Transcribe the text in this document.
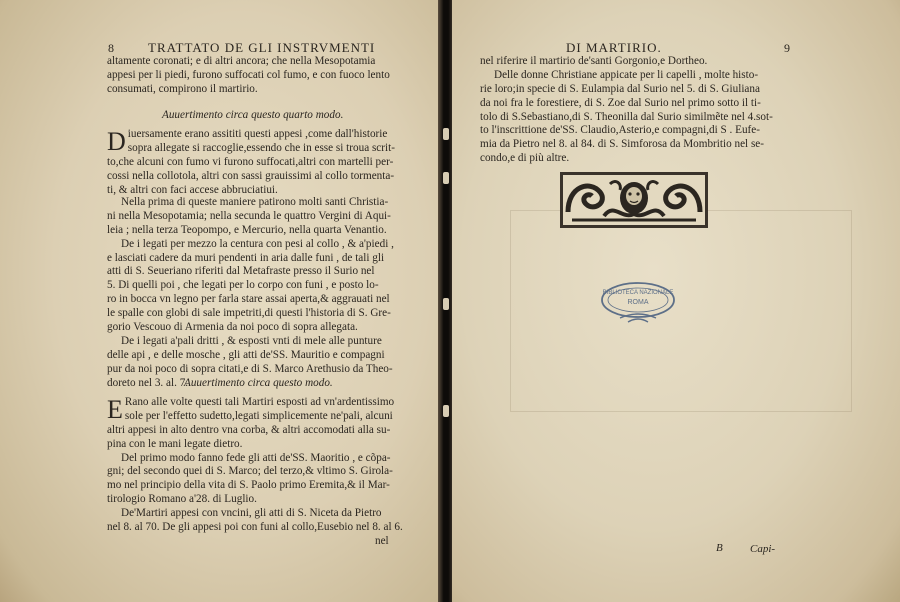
8	TRATTATO DE GLI INSTRVMENTI
altamente coronati; e di altri ancora; che nella Mesopotamia
appesi per li piedi, furono suffocati col fumo, e con fuoco lento
consumati, compirono il martirio.
Auuertimento circa questo quarto modo.
D iuersamente erano assititi questi appesi ,come dall'historie
sopra allegate si raccoglie,essendo che in esse si troua scrit-
to,che alcuni con fumo vi furono suffocati,altri con martelli per-
cossi nella collotola, altri con sassi grauissimi al collo tormenta-
ti, & altri con faci accese abbruciatiui.
Nella prima di queste maniere patirono molti santi Christia-
ni nella Mesopotamia; nella secunda le quattro Vergini di Aqui-
leia ; nella terza Teopompo, e Mercurio, nella quarta Venantio.
De i legati per mezzo la centura con pesi al collo , & a'piedi ,
e lasciati cadere da muri pendenti in aria dalle funi , de tali gli
atti di S. Seueriano riferiti dal Metafraste presso il Surio nel
5. Di quelli poi , che legati per lo corpo con funi , e posto lo-
ro in bocca vn legno per farla stare assai aperta,& aggrauati nel
le spalle con globi di sale impetriti,di questi l'historia di S. Gre-
gorio Vescouo di Armenia da noi poco di sopra allegata.
De i legati a'pali dritti , & esposti vnti di mele alle punture
delle api , e delle mosche , gli atti de'SS. Mauritio e compagni
pur da noi poco di sopra citati,e di S. Marco Arethusio da Theo-
doreto nel 3. al. 7.
Auuertimento circa questo modo.
E Rano alle volte questi tali Martiri esposti ad vn'ardentissimo
sole per l'effetto sudetto,legati simplicemente ne'pali, alcuni
altri appesi in alto dentro vna corba, & altri accomodati alla su-
pina con le mani legate dietro.
Del primo modo fanno fede gli atti de'SS. Maoritio , e cõpa-
gni; del secondo quei di S. Marco; del terzo,& vltimo S. Girola-
mo nel principio della vita di S. Paolo primo Eremita,& il Mar-
tirologio Romano a'28. di Luglio.
De'Martiri appesi con vncini, gli atti di S. Niceta da Pietro
nel 8. al 70. De gli appesi poi con funi al collo,Eusebio nel 8. al 6.
nel
DI MARTIRIO.	9
nel riferire il martirio de'santi Gorgonio,e Dortheo.
Delle donne Christiane appicate per li capelli , molte histo-
rie loro;in specie di S. Eulampia dal Surio nel 5. di S. Giuliana
da noi fra le forestiere, di S. Zoe dal Surio nel primo sotto il ti-
tolo di S.Sebastiano,di S. Theonilla dal Surio similmẽte nel 4.sot-
to l'inscrittione de'SS. Claudio,Asterio,e compagni,di S . Eufe-
mia da Pietro nel 8. al 84. di S. Simforosa da Mombritio nel se-
condo,e di più altre.
B Capi-
BIBLIOTECA NAZIONALE
ROMA
